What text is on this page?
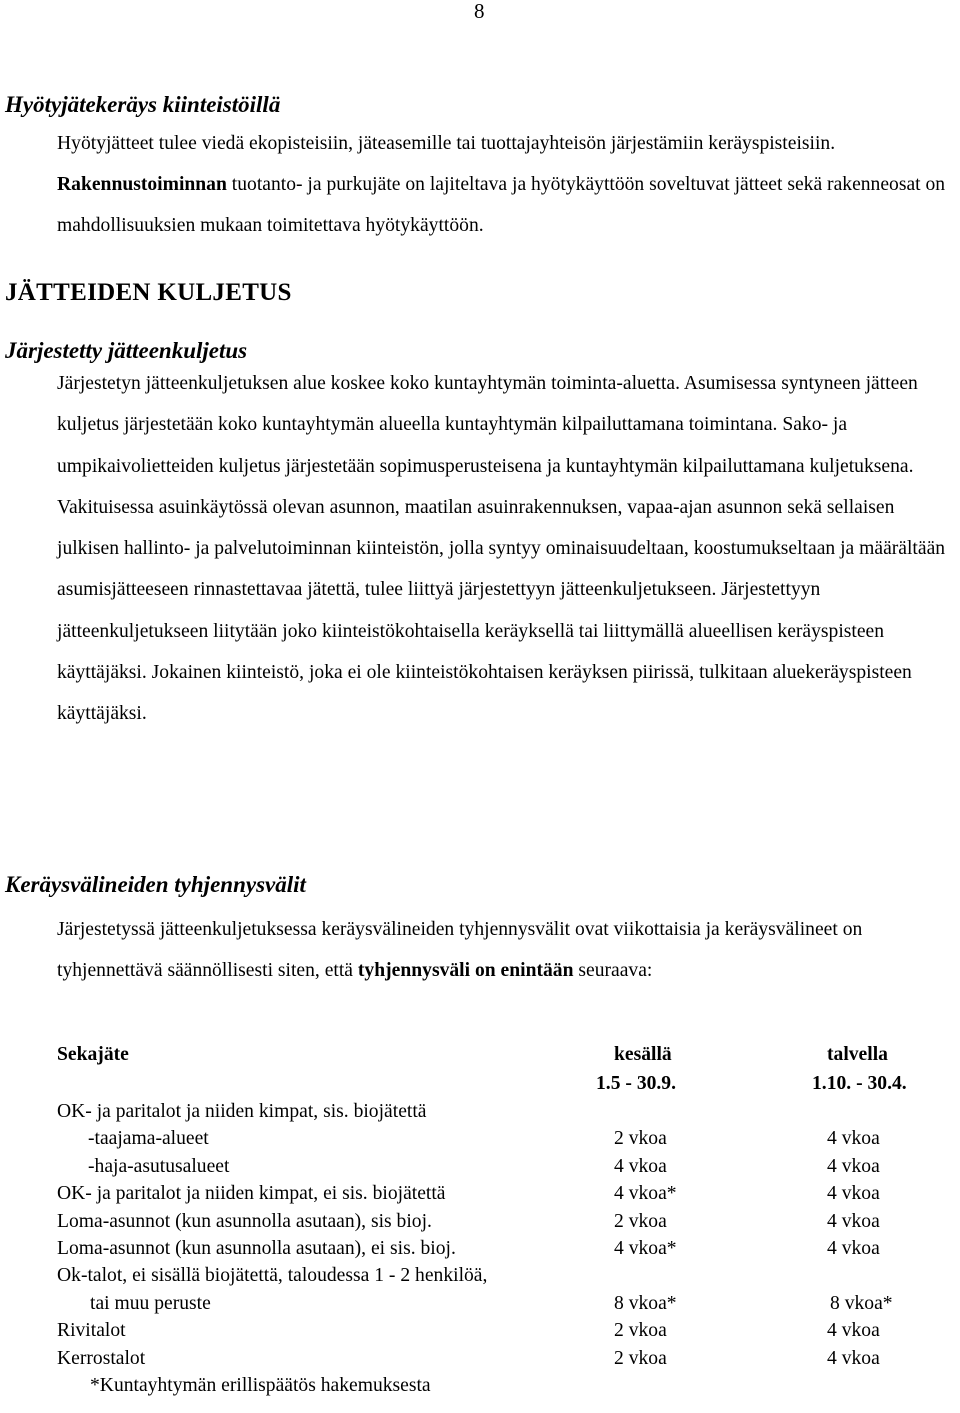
8
Hyötyjätekeräys kiinteistöillä
Hyötyjätteet tulee viedä ekopisteisiin, jäteasemille tai tuottajayhteisön järjestämiin keräyspisteisiin. Rakennustoiminnan tuotanto- ja purkujäte on lajiteltava ja hyötykäyttöön soveltuvat jätteet sekä rakenneosat on mahdollisuuksien mukaan toimitettava hyötykäyttöön.
JÄTTEIDEN KULJETUS
Järjestetty jätteenkuljetus
Järjestetyn jätteenkuljetuksen alue koskee koko kuntayhtymän toiminta-aluetta. Asumisessa syntyneen jätteen kuljetus järjestetään koko kuntayhtymän alueella kuntayhtymän kilpailuttamana toimintana. Sako- ja umpikaivolietteiden kuljetus järjestetään sopimusperusteisena ja kuntayhtymän kilpailuttamana kuljetuksena. Vakituisessa asuinkäytössä olevan asunnon, maatilan asuinrakennuksen, vapaa-ajan asunnon sekä sellaisen julkisen hallinto- ja palvelutoiminnan kiinteistön, jolla syntyy ominaisuudeltaan, koostumukseltaan ja määrältään asumisjätteeseen rinnastettavaa jätettä, tulee liittyä järjestettyyn jätteenkuljetukseen. Järjestettyyn jätteenkuljetukseen liitytään joko kiinteistökohtaisella keräyksellä tai liittymällä alueellisen keräyspisteen käyttäjäksi. Jokainen kiinteistö, joka ei ole kiinteistökohtaisen keräyksen piirissä, tulkitaan aluekeräyspisteen käyttäjäksi.
Keräysvälineiden tyhjennysvälit
Järjestetyssä jätteenkuljetuksessa keräysvälineiden tyhjennysvälit ovat viikottaisia ja keräysvälineet on tyhjennettävä säännöllisesti siten, että tyhjennysväli on enintään seuraava:
Sekajäte	kesällä	talvella
1.5 - 30.9.	1.10. - 30.4.
OK- ja paritalot ja niiden kimpat, sis. biojätettä
-taajama-alueet	2 vkoa	4 vkoa
-haja-asutusalueet	4 vkoa	4 vkoa
OK- ja paritalot ja niiden kimpat, ei sis. biojätettä	4 vkoa*	4 vkoa
Loma-asunnot (kun asunnolla asutaan), sis bioj.	2 vkoa	4 vkoa
Loma-asunnot (kun asunnolla asutaan), ei sis. bioj.	4 vkoa*	4 vkoa
Ok-talot, ei sisällä biojätettä, taloudessa 1 - 2 henkilöä,
tai muu peruste	8 vkoa*	8 vkoa*
Rivitalot	2 vkoa	4 vkoa
Kerrostalot	2 vkoa	4 vkoa
*Kuntayhtymän erillispäätös hakemuksesta
